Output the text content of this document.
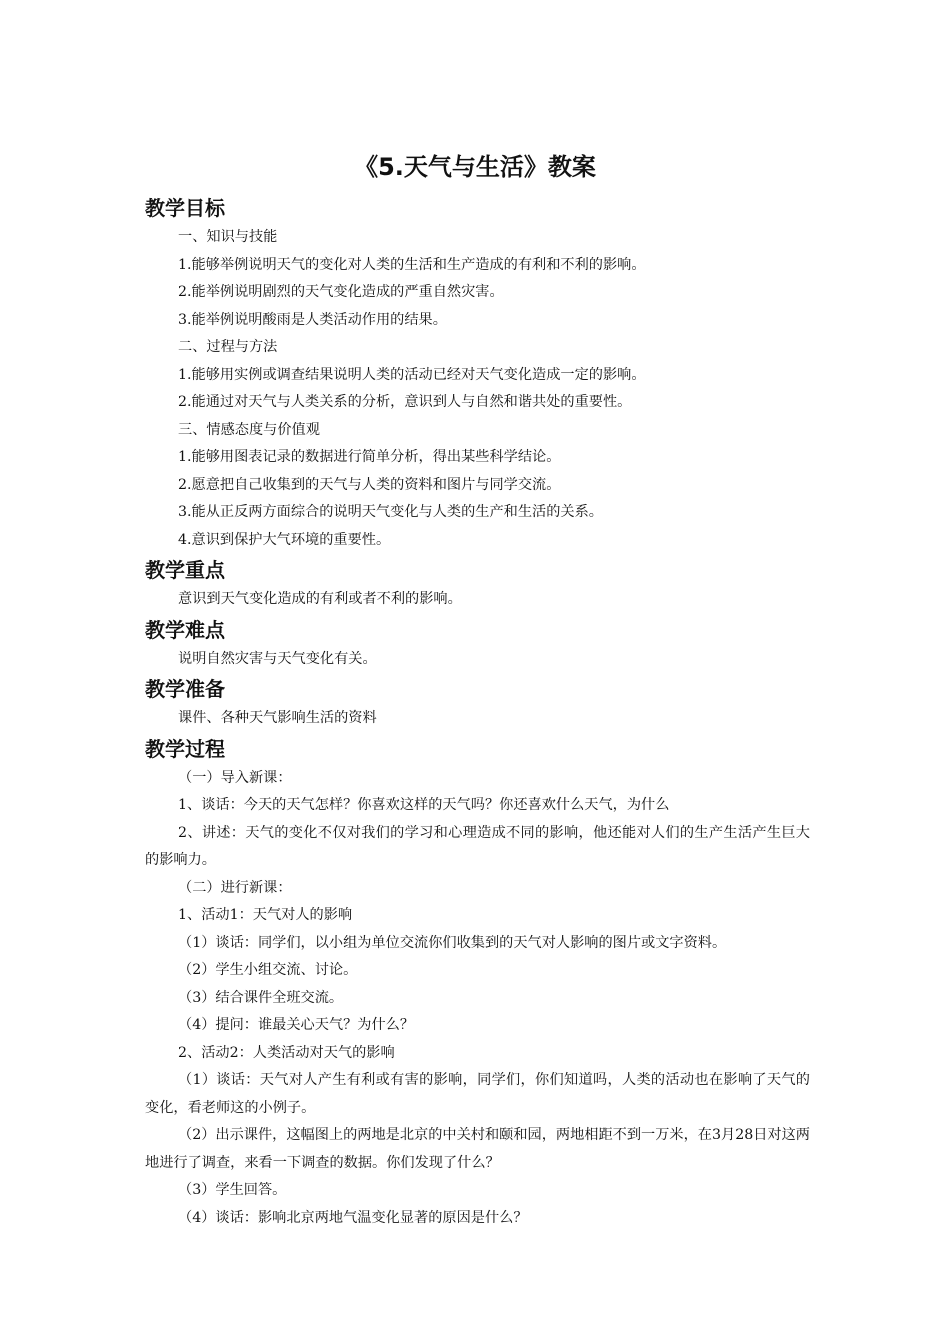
《5.天气与生活》教案
教学目标
一、知识与技能
1.能够举例说明天气的变化对人类的生活和生产造成的有利和不利的影响。
2.能举例说明剧烈的天气变化造成的严重自然灾害。
3.能举例说明酸雨是人类活动作用的结果。
二、过程与方法
1.能够用实例或调查结果说明人类的活动已经对天气变化造成一定的影响。
2.能通过对天气与人类关系的分析，意识到人与自然和谐共处的重要性。
三、情感态度与价值观
1.能够用图表记录的数据进行简单分析，得出某些科学结论。
2.愿意把自己收集到的天气与人类的资料和图片与同学交流。
3.能从正反两方面综合的说明天气变化与人类的生产和生活的关系。
4.意识到保护大气环境的重要性。
教学重点
意识到天气变化造成的有利或者不利的影响。
教学难点
说明自然灾害与天气变化有关。
教学准备
课件、各种天气影响生活的资料
教学过程
（一）导入新课：
1、谈话：今天的天气怎样？你喜欢这样的天气吗？你还喜欢什么天气，为什么
2、讲述：天气的变化不仅对我们的学习和心理造成不同的影响，他还能对人们的生产生活产生巨大的影响力。
（二）进行新课：
1、活动1：天气对人的影响
（1）谈话：同学们，以小组为单位交流你们收集到的天气对人影响的图片或文字资料。
（2）学生小组交流、讨论。
（3）结合课件全班交流。
（4）提问：谁最关心天气？为什么？
2、活动2：人类活动对天气的影响
（1）谈话：天气对人产生有利或有害的影响，同学们，你们知道吗，人类的活动也在影响了天气的变化，看老师这的小例子。
（2）出示课件，这幅图上的两地是北京的中关村和颐和园，两地相距不到一万米，在3月28日对这两地进行了调查，来看一下调查的数据。你们发现了什么？
（3）学生回答。
（4）谈话：影响北京两地气温变化显著的原因是什么？
